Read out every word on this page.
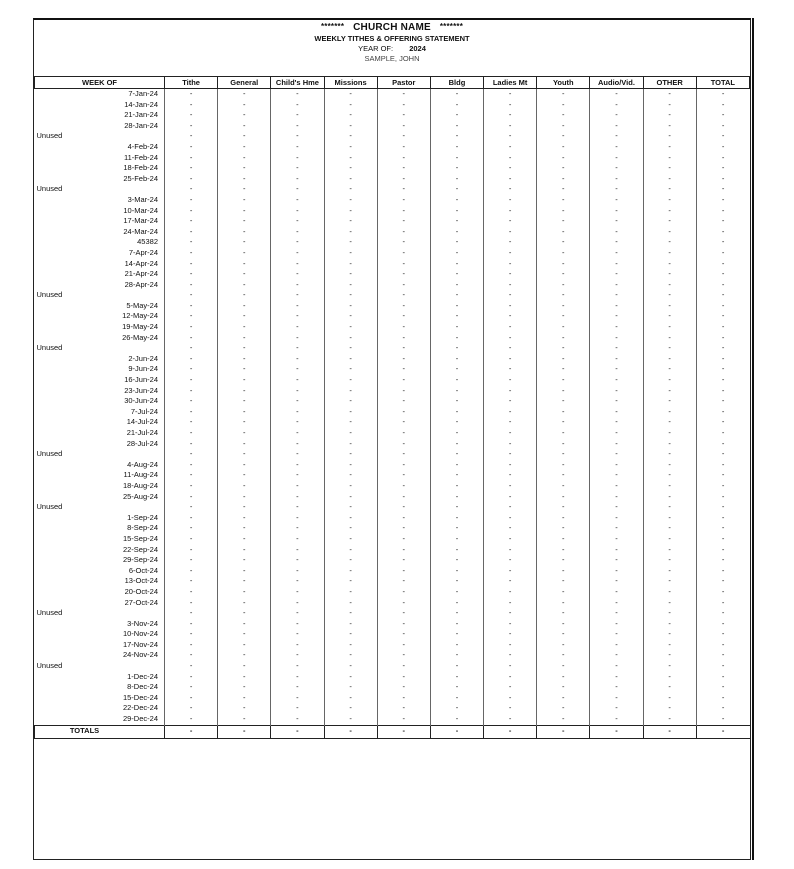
******* CHURCH NAME *******
WEEKLY TITHES & OFFERING STATEMENT
YEAR OF: 2024
SAMPLE, JOHN
WEEK OF	Tithe	General	Child's Hme	Missions	Pastor	Bldg	Ladies Mt	Youth	Audio/Vid.	OTHER	TOTAL
7-Jan-24	-	-	-	-	-	-	-	-	-	-	-
14-Jan-24	-	-	-	-	-	-	-	-	-	-	-
21-Jan-24	-	-	-	-	-	-	-	-	-	-	-
28-Jan-24	-	-	-	-	-	-	-	-	-	-	-
Unused	-	-	-	-	-	-	-	-	-	-	-
4-Feb-24	-	-	-	-	-	-	-	-	-	-	-
11-Feb-24	-	-	-	-	-	-	-	-	-	-	-
18-Feb-24	-	-	-	-	-	-	-	-	-	-	-
25-Feb-24	-	-	-	-	-	-	-	-	-	-	-
Unused	-	-	-	-	-	-	-	-	-	-	-
3-Mar-24	-	-	-	-	-	-	-	-	-	-	-
10-Mar-24	-	-	-	-	-	-	-	-	-	-	-
17-Mar-24	-	-	-	-	-	-	-	-	-	-	-
24-Mar-24	-	-	-	-	-	-	-	-	-	-	-
45382	-	-	-	-	-	-	-	-	-	-	-
7-Apr-24	-	-	-	-	-	-	-	-	-	-	-
14-Apr-24	-	-	-	-	-	-	-	-	-	-	-
21-Apr-24	-	-	-	-	-	-	-	-	-	-	-
28-Apr-24	-	-	-	-	-	-	-	-	-	-	-
Unused	-	-	-	-	-	-	-	-	-	-	-
5-May-24	-	-	-	-	-	-	-	-	-	-	-
12-May-24	-	-	-	-	-	-	-	-	-	-	-
19-May-24	-	-	-	-	-	-	-	-	-	-	-
26-May-24	-	-	-	-	-	-	-	-	-	-	-
Unused	-	-	-	-	-	-	-	-	-	-	-
2-Jun-24	-	-	-	-	-	-	-	-	-	-	-
9-Jun-24	-	-	-	-	-	-	-	-	-	-	-
16-Jun-24	-	-	-	-	-	-	-	-	-	-	-
23-Jun-24	-	-	-	-	-	-	-	-	-	-	-
30-Jun-24	-	-	-	-	-	-	-	-	-	-	-
7-Jul-24	-	-	-	-	-	-	-	-	-	-	-
14-Jul-24	-	-	-	-	-	-	-	-	-	-	-
21-Jul-24	-	-	-	-	-	-	-	-	-	-	-
28-Jul-24	-	-	-	-	-	-	-	-	-	-	-
Unused	-	-	-	-	-	-	-	-	-	-	-
4-Aug-24	-	-	-	-	-	-	-	-	-	-	-
11-Aug-24	-	-	-	-	-	-	-	-	-	-	-
18-Aug-24	-	-	-	-	-	-	-	-	-	-	-
25-Aug-24	-	-	-	-	-	-	-	-	-	-	-
Unused	-	-	-	-	-	-	-	-	-	-	-
1-Sep-24	-	-	-	-	-	-	-	-	-	-	-
8-Sep-24	-	-	-	-	-	-	-	-	-	-	-
15-Sep-24	-	-	-	-	-	-	-	-	-	-	-
22-Sep-24	-	-	-	-	-	-	-	-	-	-	-
29-Sep-24	-	-	-	-	-	-	-	-	-	-	-
6-Oct-24	-	-	-	-	-	-	-	-	-	-	-
13-Oct-24	-	-	-	-	-	-	-	-	-	-	-
20-Oct-24	-	-	-	-	-	-	-	-	-	-	-
27-Oct-24	-	-	-	-	-	-	-	-	-	-	-
Unused	-	-	-	-	-	-	-	-	-	-	-
3-Nov-24	-	-	-	-	-	-	-	-	-	-	-
10-Nov-24	-	-	-	-	-	-	-	-	-	-	-
17-Nov-24	-	-	-	-	-	-	-	-	-	-	-
24-Nov-24	-	-	-	-	-	-	-	-	-	-	-
Unused	-	-	-	-	-	-	-	-	-	-	-
1-Dec-24	-	-	-	-	-	-	-	-	-	-	-
8-Dec-24	-	-	-	-	-	-	-	-	-	-	-
15-Dec-24	-	-	-	-	-	-	-	-	-	-	-
22-Dec-24	-	-	-	-	-	-	-	-	-	-	-
29-Dec-24	-	-	-	-	-	-	-	-	-	-	-
TOTALS	-	-	-	-	-	-	-	-	-	-	-
